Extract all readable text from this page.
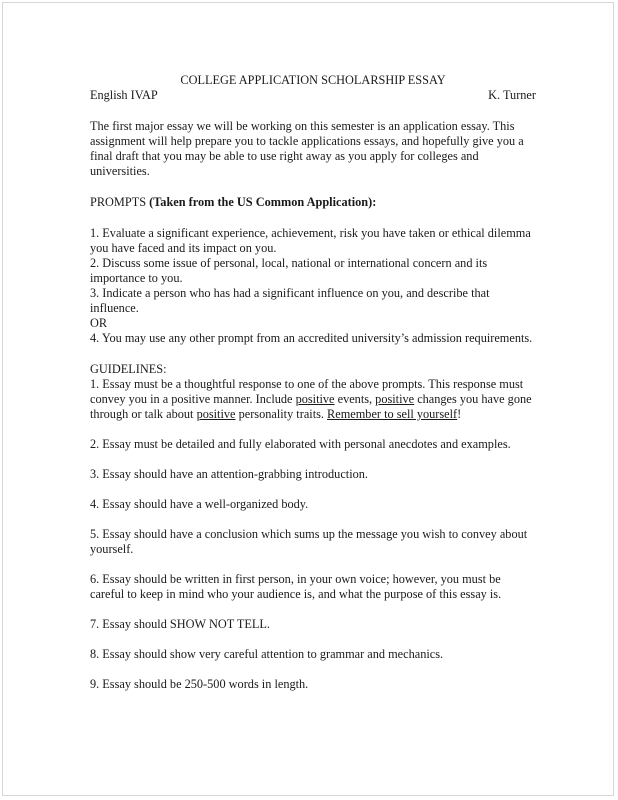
COLLEGE APPLICATION SCHOLARSHIP ESSAY

English IVAP	K. Turner

The first major essay we will be working on this semester is an application essay. This assignment will help prepare you to tackle applications essays, and hopefully give you a final draft that you may be able to use right away as you apply for colleges and universities.

PROMPTS (Taken from the US Common Application):

1. Evaluate a significant experience, achievement, risk you have taken or ethical dilemma you have faced and its impact on you.

2. Discuss some issue of personal, local, national or international concern and its importance to you.

3. Indicate a person who has had a significant influence on you, and describe that influence.

OR

4. You may use any other prompt from an accredited university’s admission requirements.

GUIDELINES:

1. Essay must be a thoughtful response to one of the above prompts. This response must convey you in a positive manner. Include positive events, positive changes you have gone through or talk about positive personality traits. Remember to sell yourself!

2. Essay must be detailed and fully elaborated with personal anecdotes and examples.

3. Essay should have an attention-grabbing introduction.

4. Essay should have a well-organized body.

5. Essay should have a conclusion which sums up the message you wish to convey about yourself.

6. Essay should be written in first person, in your own voice; however, you must be careful to keep in mind who your audience is, and what the purpose of this essay is.

7. Essay should SHOW NOT TELL.

8. Essay should show very careful attention to grammar and mechanics.

9. Essay should be 250-500 words in length.
